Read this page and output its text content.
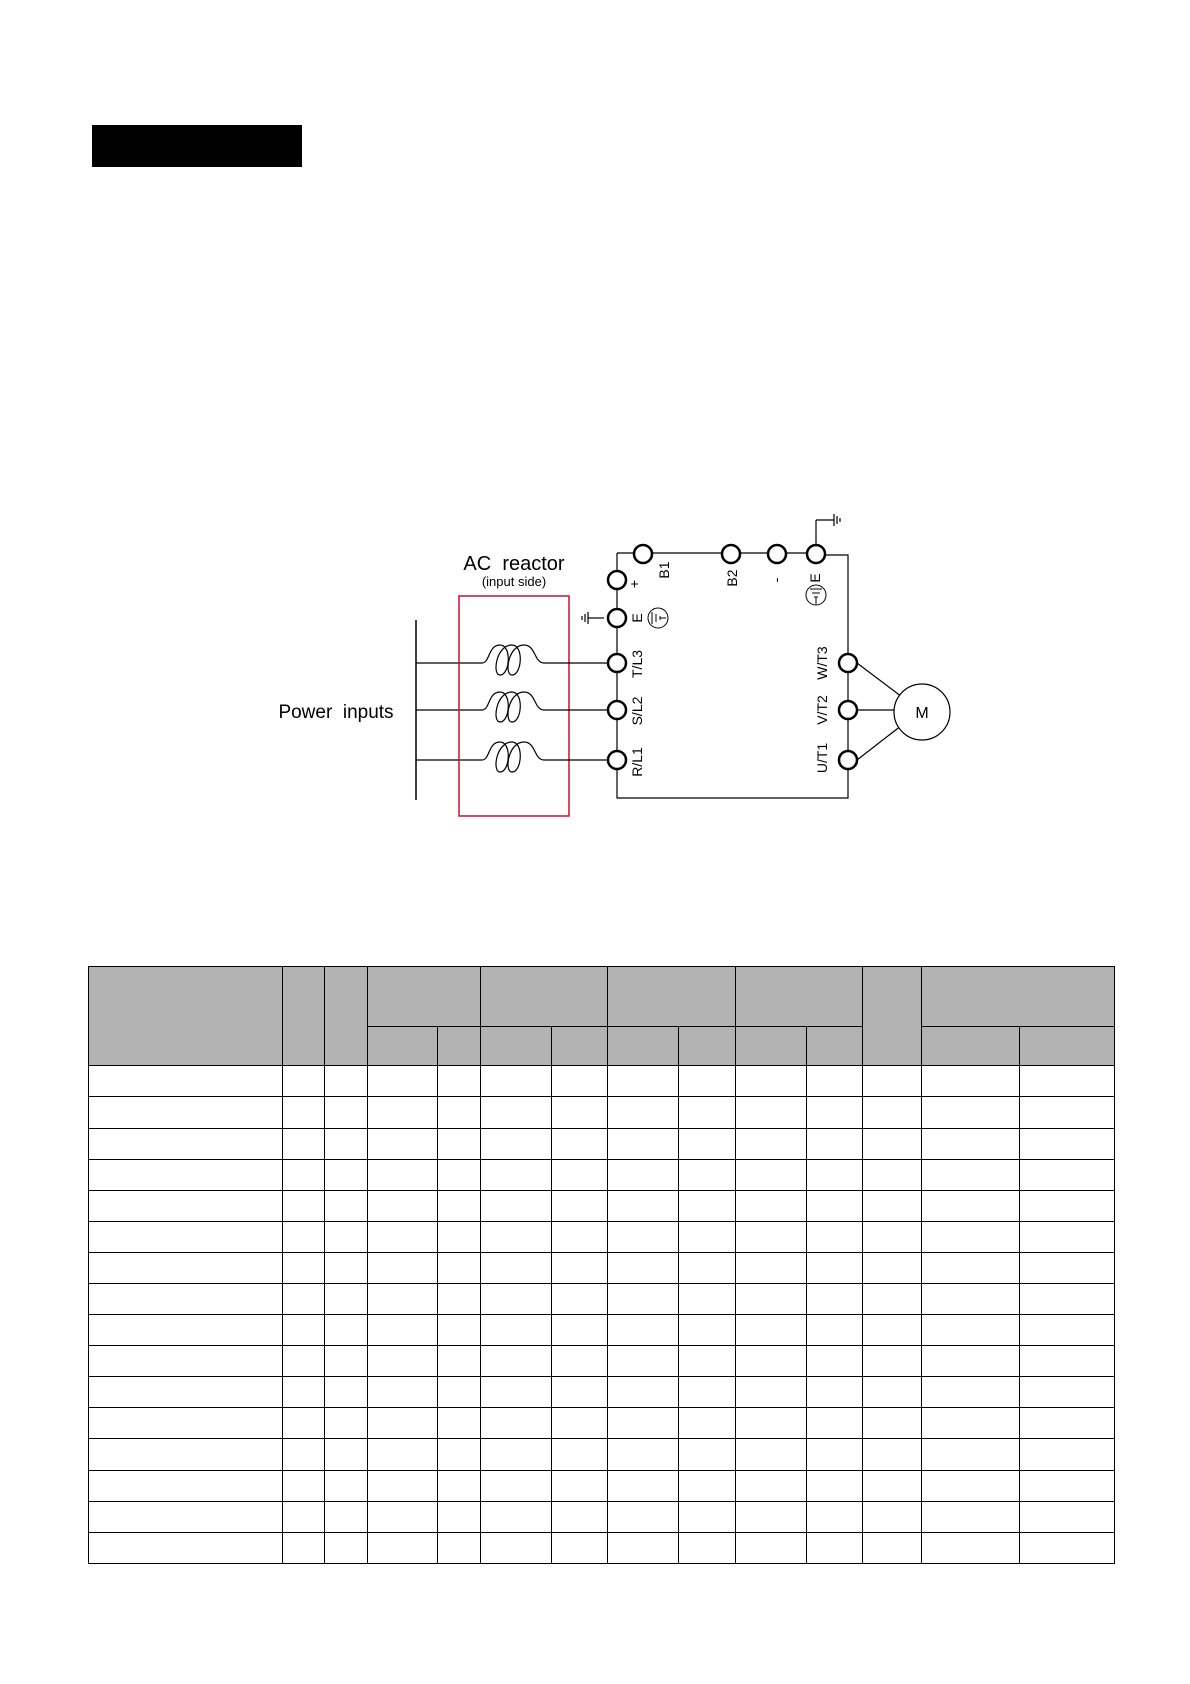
M
AC  reactor
(input side)
Power  inputs
+
B1	B2 - E
E
T/L3
S/L2
R/L1
W/T3
V/T2
U/T1
